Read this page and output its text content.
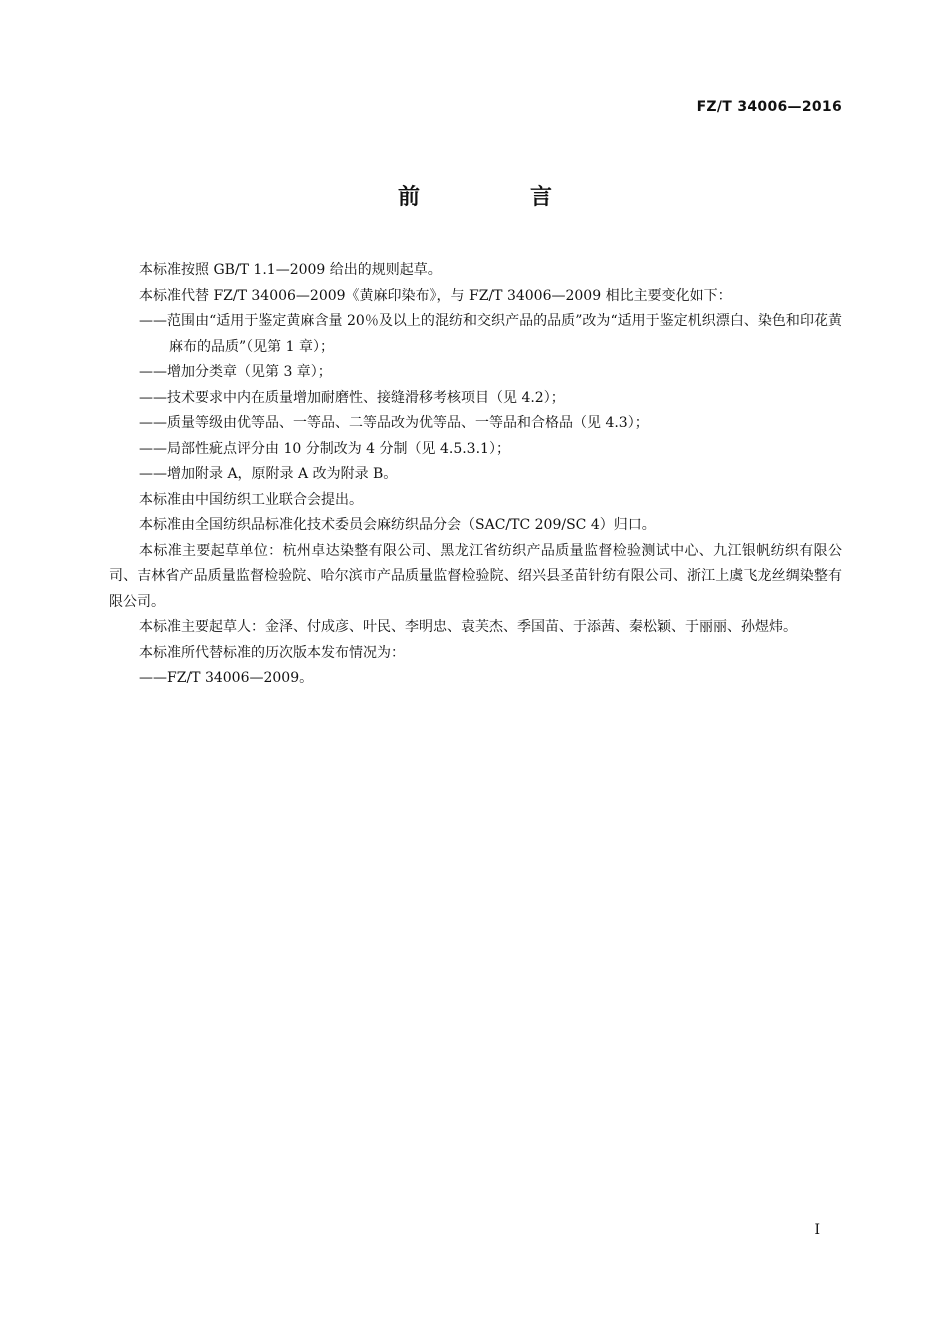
FZ/T 34006—2016
前　言

本标准按照 GB/T 1.1—2009 给出的规则起草。

本标准代替 FZ/T 34006—2009《黄麻印染布》，与 FZ/T 34006—2009 相比主要变化如下：

——范围由“适用于鉴定黄麻含量 20％及以上的混纺和交织产品的品质”改为“适用于鉴定机织漂白、染色和印花黄麻布的品质”（见第 1 章）；

——增加分类章（见第 3 章）；

——技术要求中内在质量增加耐磨性、接缝滑移考核项目（见 4.2）；

——质量等级由优等品、一等品、二等品改为优等品、一等品和合格品（见 4.3）；

——局部性疵点评分由 10 分制改为 4 分制（见 4.5.3.1）；

——增加附录 A，原附录 A 改为附录 B。

本标准由中国纺织工业联合会提出。

本标准由全国纺织品标准化技术委员会麻纺织品分会（SAC/TC 209/SC 4）归口。

本标准主要起草单位：杭州卓达染整有限公司、黑龙江省纺织产品质量监督检验测试中心、九江银帆纺织有限公司、吉林省产品质量监督检验院、哈尔滨市产品质量监督检验院、绍兴县圣苗针纺有限公司、浙江上虞飞龙丝绸染整有限公司。

本标准主要起草人：金泽、付成彦、叶民、李明忠、袁芙杰、季国苗、于添茜、秦松颖、于丽丽、孙煜炜。

本标准所代替标准的历次版本发布情况为：

——FZ/T 34006—2009。

I
